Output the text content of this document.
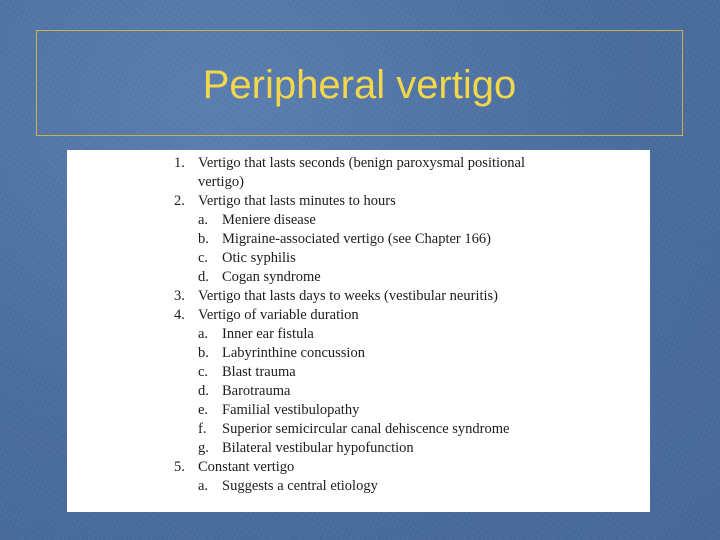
Peripheral vertigo
1. Vertigo that lasts seconds (benign paroxysmal positional
vertigo)
2. Vertigo that lasts minutes to hours
a. Meniere disease
b. Migraine-associated vertigo (see Chapter 166)
c. Otic syphilis
d. Cogan syndrome
3. Vertigo that lasts days to weeks (vestibular neuritis)
4. Vertigo of variable duration
a. Inner ear fistula
b. Labyrinthine concussion
c. Blast trauma
d. Barotrauma
e. Familial vestibulopathy
f.	Superior semicircular canal dehiscence syndrome
g. Bilateral vestibular hypofunction
5. Constant vertigo
a. Suggests a central etiology
